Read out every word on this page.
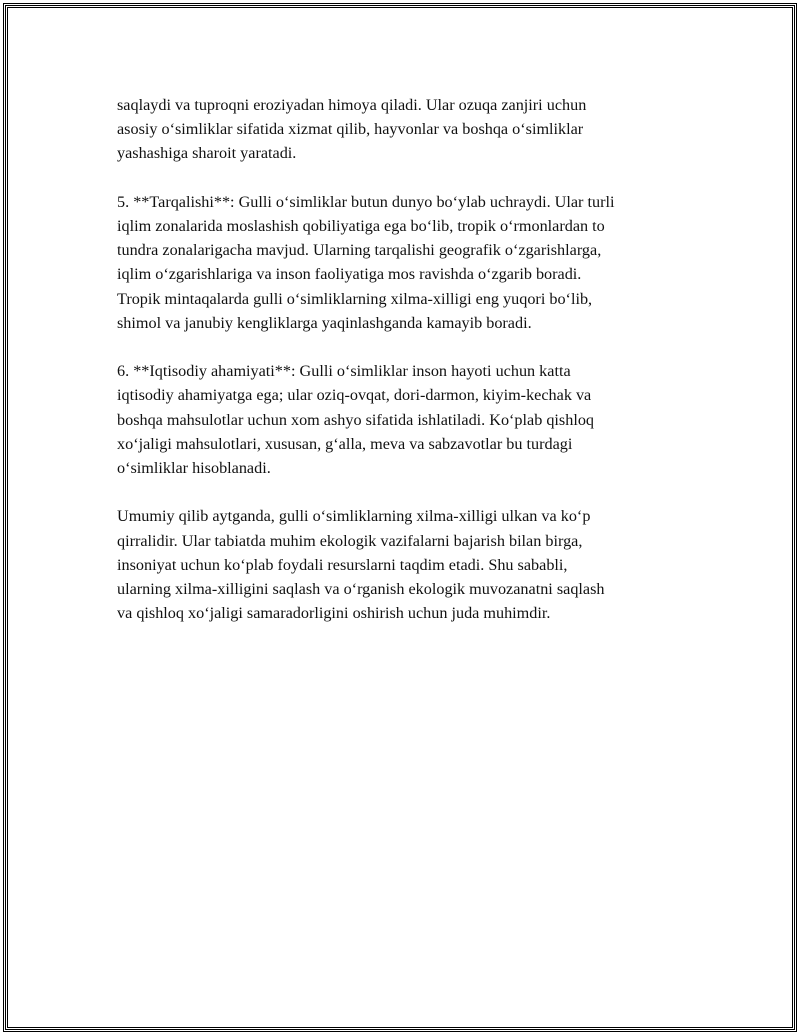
saqlaydi va tuproqni eroziyadan himoya qiladi. Ular ozuqa zanjiri uchun
asosiy o‘simliklar sifatida xizmat qilib, hayvonlar va boshqa o‘simliklar
yashashiga sharoit yaratadi.

5. **Tarqalishi**: Gulli o‘simliklar butun dunyo bo‘ylab uchraydi. Ular turli
iqlim zonalarida moslashish qobiliyatiga ega bo‘lib, tropik o‘rmonlardan to
tundra zonalarigacha mavjud. Ularning tarqalishi geografik o‘zgarishlarga,
iqlim o‘zgarishlariga va inson faoliyatiga mos ravishda o‘zgarib boradi.
Tropik mintaqalarda gulli o‘simliklarning xilma-xilligi eng yuqori bo‘lib,
shimol va janubiy kengliklarga yaqinlashganda kamayib boradi.

6. **Iqtisodiy ahamiyati**: Gulli o‘simliklar inson hayoti uchun katta
iqtisodiy ahamiyatga ega; ular oziq-ovqat, dori-darmon, kiyim-kechak va
boshqa mahsulotlar uchun xom ashyo sifatida ishlatiladi. Ko‘plab qishloq
xo‘jaligi mahsulotlari, xususan, g‘alla, meva va sabzavotlar bu turdagi
o‘simliklar hisoblanadi.

Umumiy qilib aytganda, gulli o‘simliklarning xilma-xilligi ulkan va ko‘p
qirralidir. Ular tabiatda muhim ekologik vazifalarni bajarish bilan birga,
insoniyat uchun ko‘plab foydali resurslarni taqdim etadi. Shu sababli,
ularning xilma-xilligini saqlash va o‘rganish ekologik muvozanatni saqlash
va qishloq xo‘jaligi samaradorligini oshirish uchun juda muhimdir.
